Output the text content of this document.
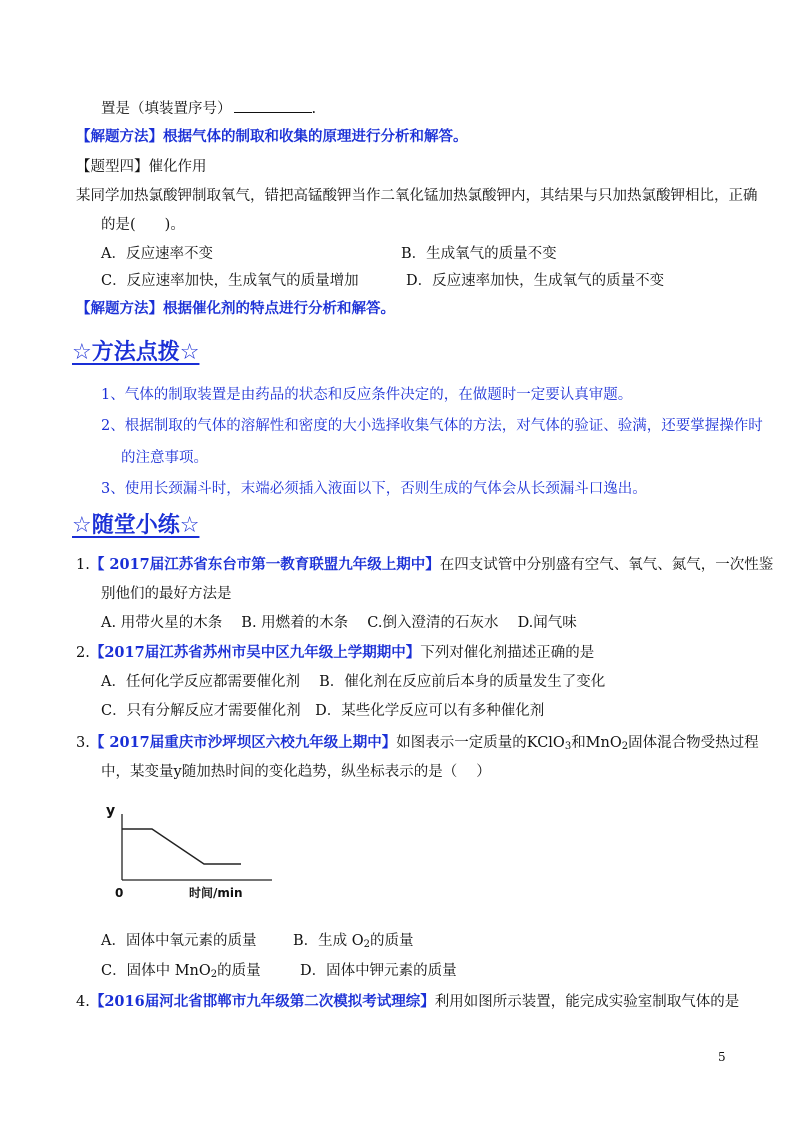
置是（填装置序号）	.
【解题方法】根据气体的制取和收集的原理进行分析和解答。
【题型四】催化作用
某同学加热氯酸钾制取氧气，错把高锰酸钾当作二氧化锰加热氯酸钾内，其结果与只加热氯酸钾相比，正确
的是(　　)。
A．反应速率不变	B．生成氧气的质量不变
C．反应速率加快，生成氧气的质量增加	D．反应速率加快，生成氧气的质量不变
【解题方法】根据催化剂的特点进行分析和解答。
☆方法点拨☆
1、气体的制取装置是由药品的状态和反应条件决定的，在做题时一定要认真审题。
2、根据制取的气体的溶解性和密度的大小选择收集气体的方法，对气体的验证、验满，还要掌握操作时
的注意事项。
3、使用长颈漏斗时，末端必须插入液面以下，否则生成的气体会从长颈漏斗口逸出。
☆随堂小练☆
1.【 2017届江苏省东台市第一教育联盟九年级上期中】在四支试管中分别盛有空气、氧气、氮气，一次性鉴
别他们的最好方法是
A. 用带火星的木条　 B. 用燃着的木条　 C.倒入澄清的石灰水　 D.闻气味
2.【2017届江苏省苏州市吴中区九年级上学期期中】下列对催化剂描述正确的是
A．任何化学反应都需要催化剂　 B．催化剂在反应前后本身的质量发生了变化
C．只有分解反应才需要催化剂　D．某些化学反应可以有多种催化剂
3.【 2017届重庆市沙坪坝区六校九年级上期中】如图表示一定质量的KClO$_3$和MnO$_2$固体混合物受热过程
中，某变量y随加热时间的变化趋势，纵坐标表示的是（　 ）
y
0	时间/min
A．固体中氧元素的质量	B．生成 $O_2$的质量
C．固体中 MnO$_2$的质量	D．固体中钾元素的质量
4.【2016届河北省邯郸市九年级第二次模拟考试理综】利用如图所示装置，能完成实验室制取气体的是
5
